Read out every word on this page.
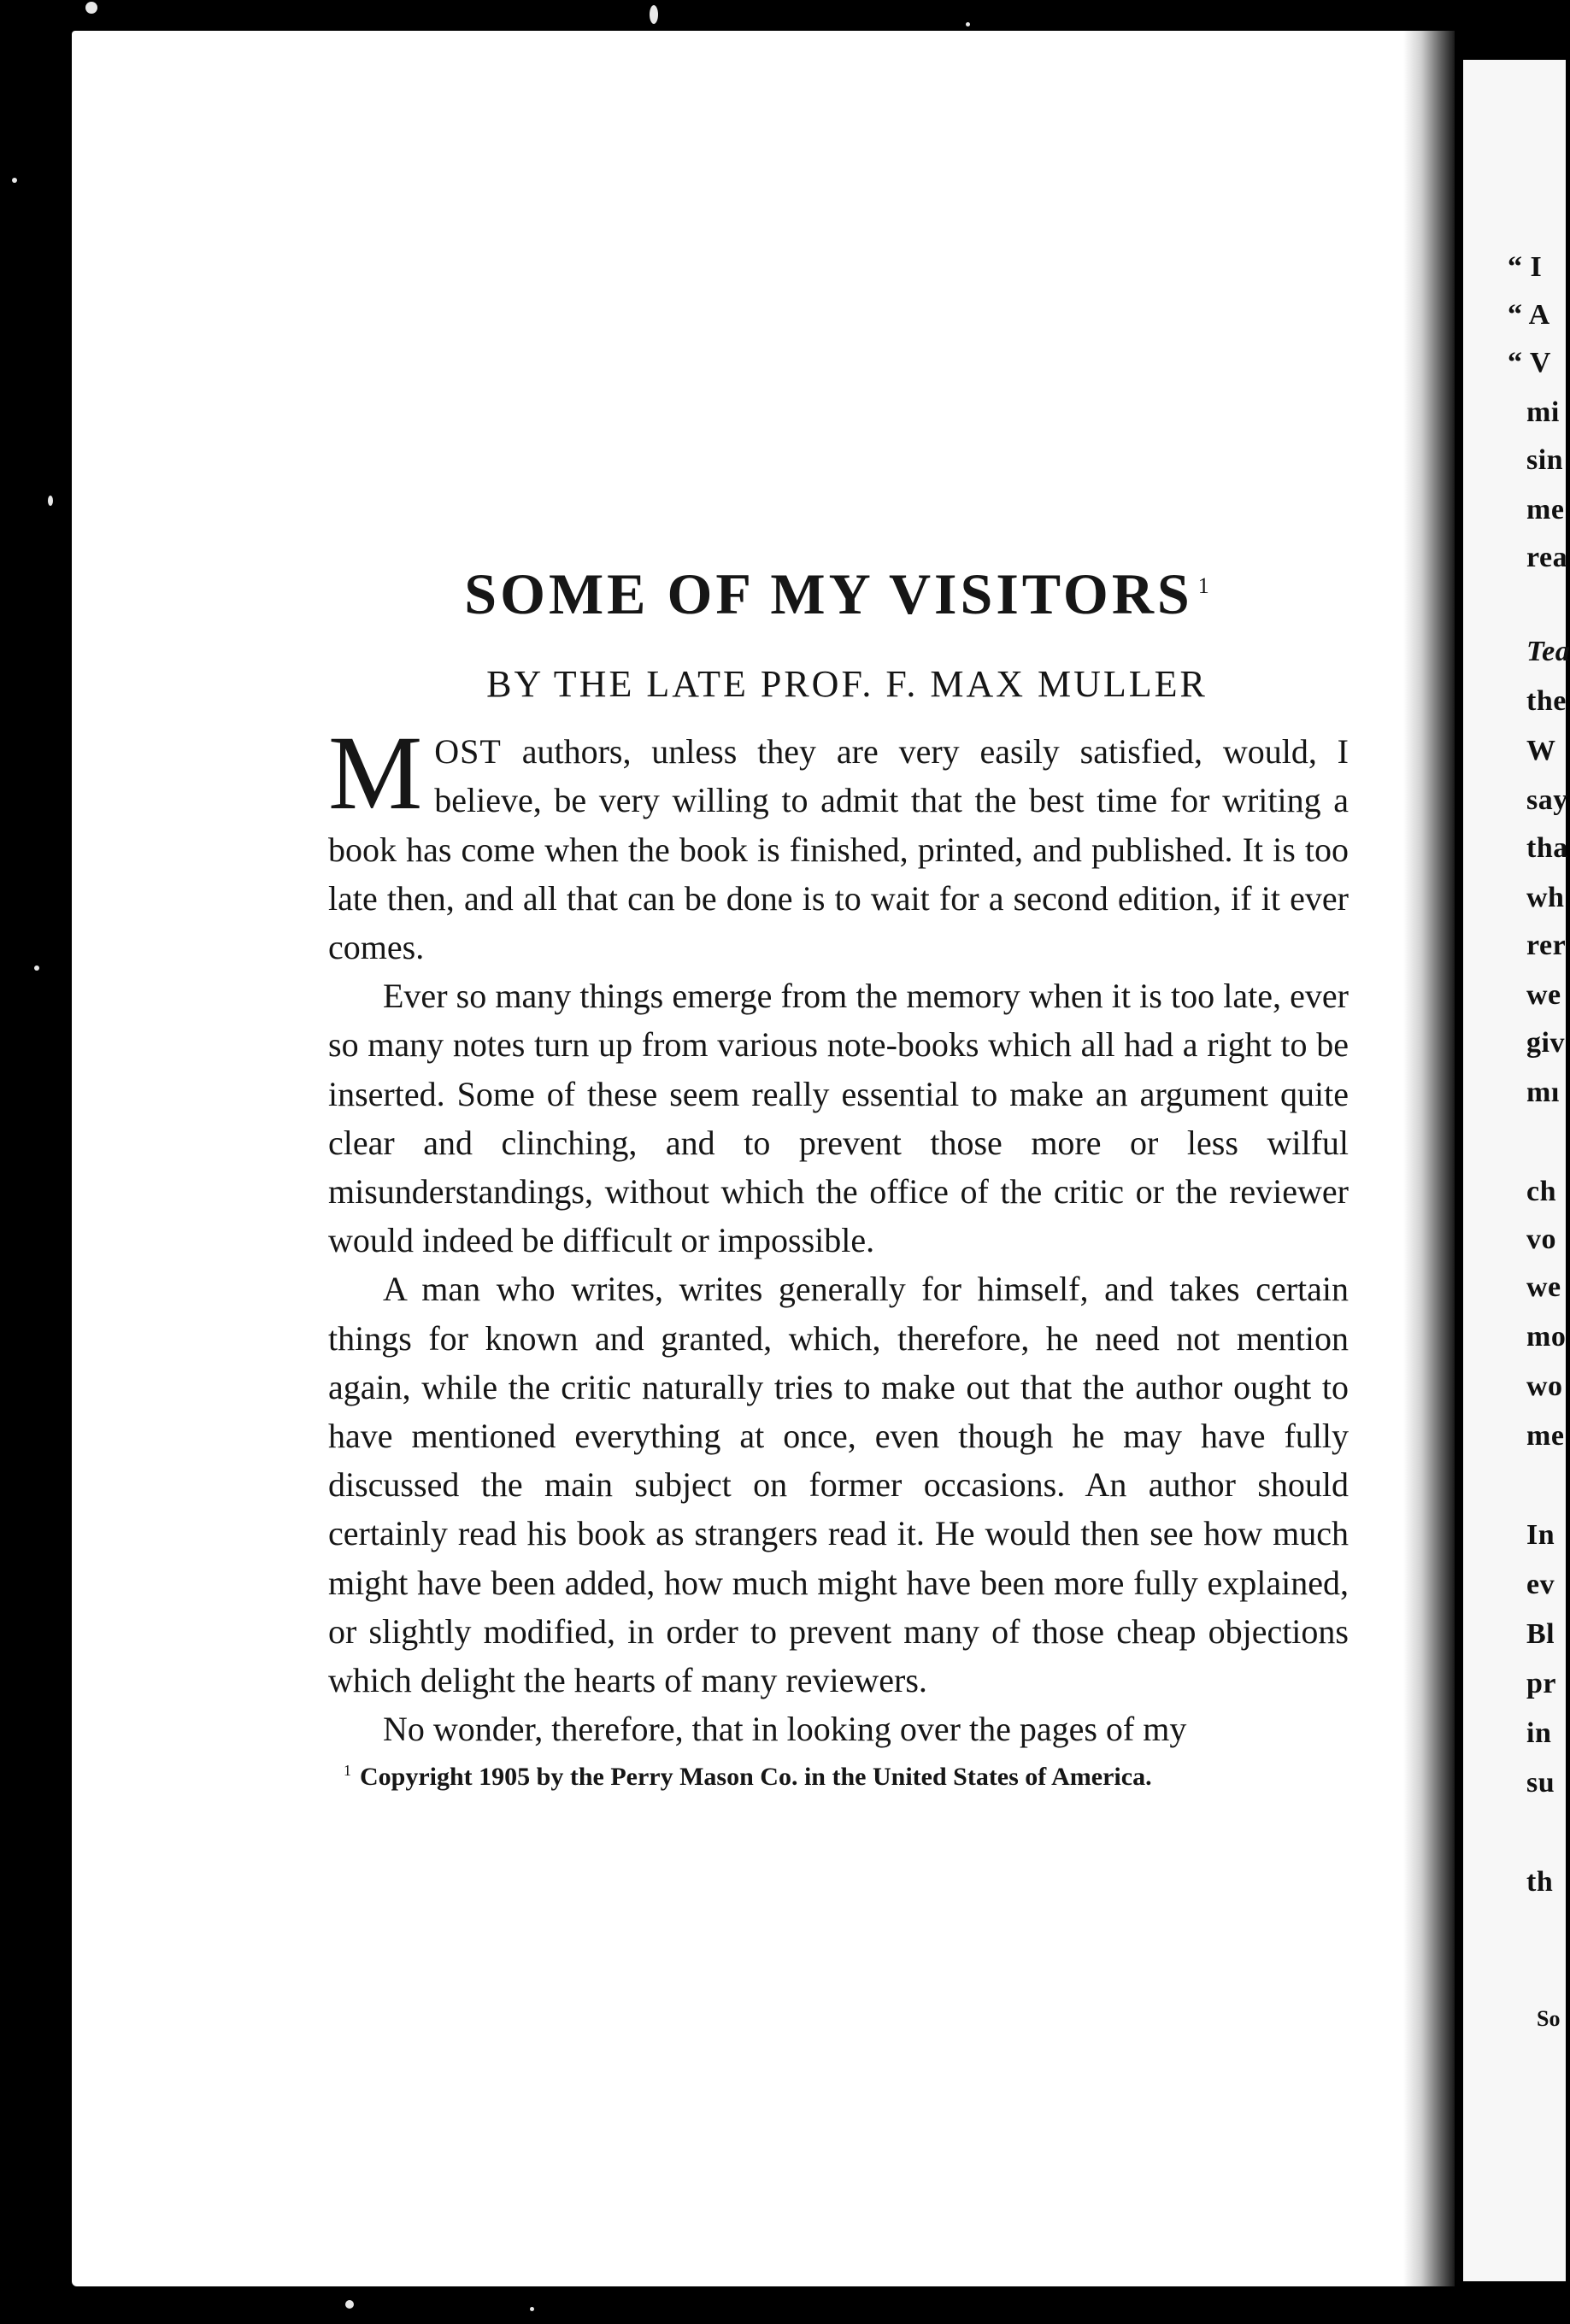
“ I
“ A
“ V
mi
sin
me
rea
Tea
the
W
say
tha
wh
rer
we
giv
mı
ch
vo
we
mo
wo
me
In
ev
Bl
pr
in
su
th
So
SOME OF MY VISITORS $^1$
BY THE LATE PROF. F. MAX MULLER

MOST authors, unless they are very easily satisfied, would, I believe, be very willing to admit that the best time for writing a book has come when the book is finished, printed, and published. It is too late then, and all that can be done is to wait for a second edition, if it ever comes.

Ever so many things emerge from the memory when it is too late, ever so many notes turn up from various note-books which all had a right to be inserted. Some of these seem really essential to make an argument quite clear and clinching, and to prevent those more or less wilful misunderstandings, without which the office of the critic or the reviewer would indeed be difficult or impossible.

A man who writes, writes generally for himself, and takes certain things for known and granted, which, therefore, he need not mention again, while the critic naturally tries to make out that the author ought to have mentioned everything at once, even though he may have fully discussed the main subject on former occasions. An author should certainly read his book as strangers read it. He would then see how much might have been added, how much might have been more fully explained, or slightly modified, in order to prevent many of those cheap objections which delight the hearts of many reviewers.

No wonder, therefore, that in looking over the pages of my

$^1$ Copyright 1905 by the Perry Mason Co. in the United States of America.
